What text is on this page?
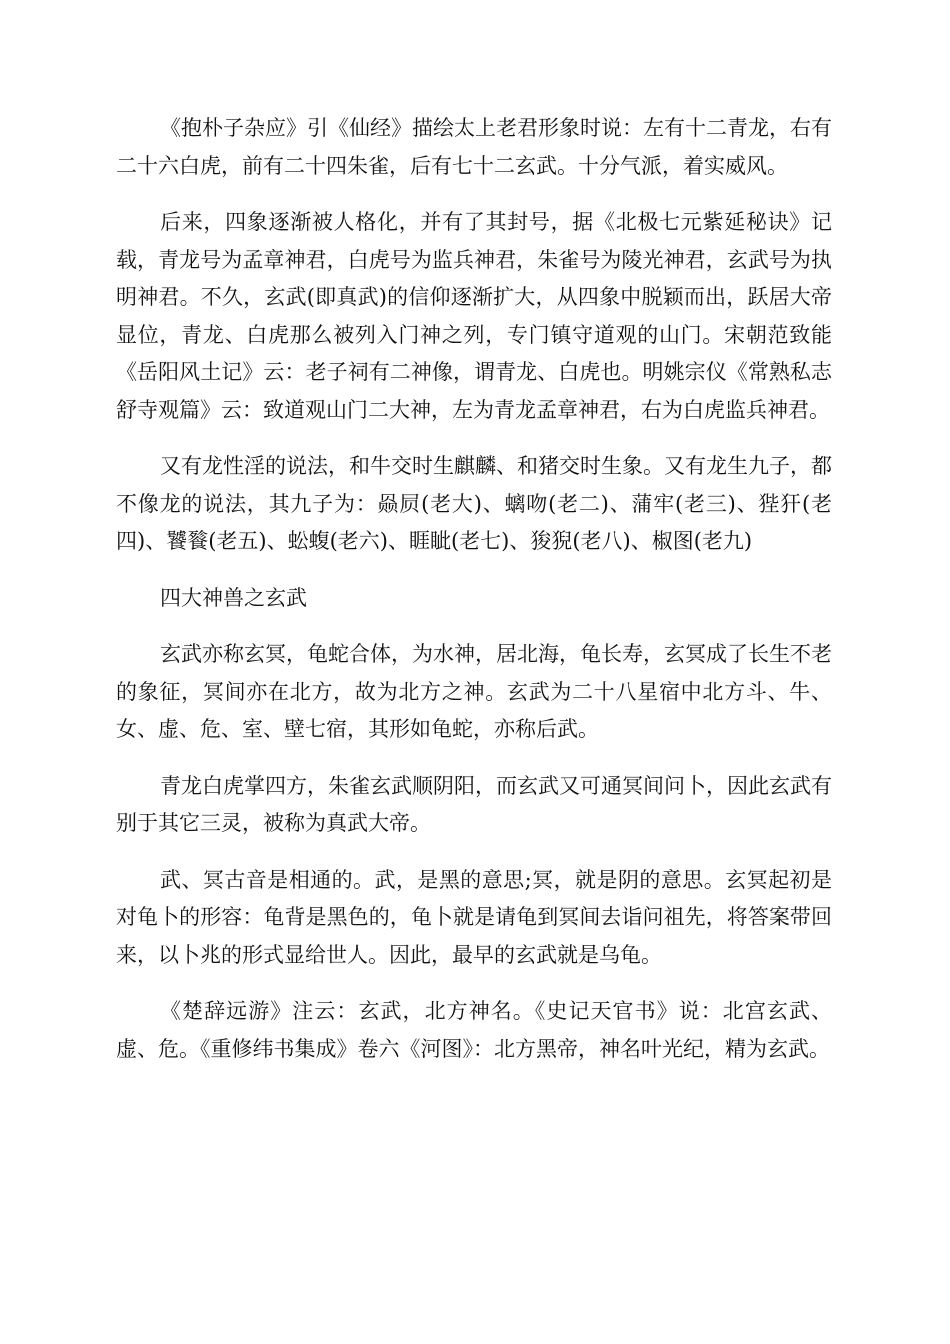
《抱朴子杂应》引《仙经》描绘太上老君形象时说：左有十二青龙，右有二十六白虎，前有二十四朱雀，后有七十二玄武。十分气派，着实威风。

后来，四象逐渐被人格化，并有了其封号，据《北极七元紫延秘诀》记载，青龙号为孟章神君，白虎号为监兵神君，朱雀号为陵光神君，玄武号为执明神君。不久，玄武(即真武)的信仰逐渐扩大，从四象中脱颖而出，跃居大帝显位，青龙、白虎那么被列入门神之列，专门镇守道观的山门。宋朝范致能《岳阳风土记》云：老子祠有二神像，谓青龙、白虎也。明姚宗仪《常熟私志舒寺观篇》云：致道观山门二大神，左为青龙孟章神君，右为白虎监兵神君。

又有龙性淫的说法，和牛交时生麒麟、和猪交时生象。又有龙生九子，都不像龙的说法，其九子为：赑屃(老大)、螭吻(老二)、蒲牢(老三)、狴犴(老四)、饕餮(老五)、蚣蝮(老六)、睚眦(老七)、狻猊(老八)、椒图(老九)

四大神兽之玄武

玄武亦称玄冥，龟蛇合体，为水神，居北海，龟长寿，玄冥成了长生不老的象征，冥间亦在北方，故为北方之神。玄武为二十八星宿中北方斗、牛、女、虚、危、室、壁七宿，其形如龟蛇，亦称后武。

青龙白虎掌四方，朱雀玄武顺阴阳，而玄武又可通冥间问卜，因此玄武有别于其它三灵，被称为真武大帝。

武、冥古音是相通的。武，是黑的意思;冥，就是阴的意思。玄冥起初是对龟卜的形容：龟背是黑色的，龟卜就是请龟到冥间去诣问祖先，将答案带回来，以卜兆的形式显给世人。因此，最早的玄武就是乌龟。

《楚辞远游》注云：玄武，北方神名。《史记天官书》说：北宫玄武、虚、危。《重修纬书集成》卷六《河图》：北方黑帝，神名叶光纪，精为玄武。
